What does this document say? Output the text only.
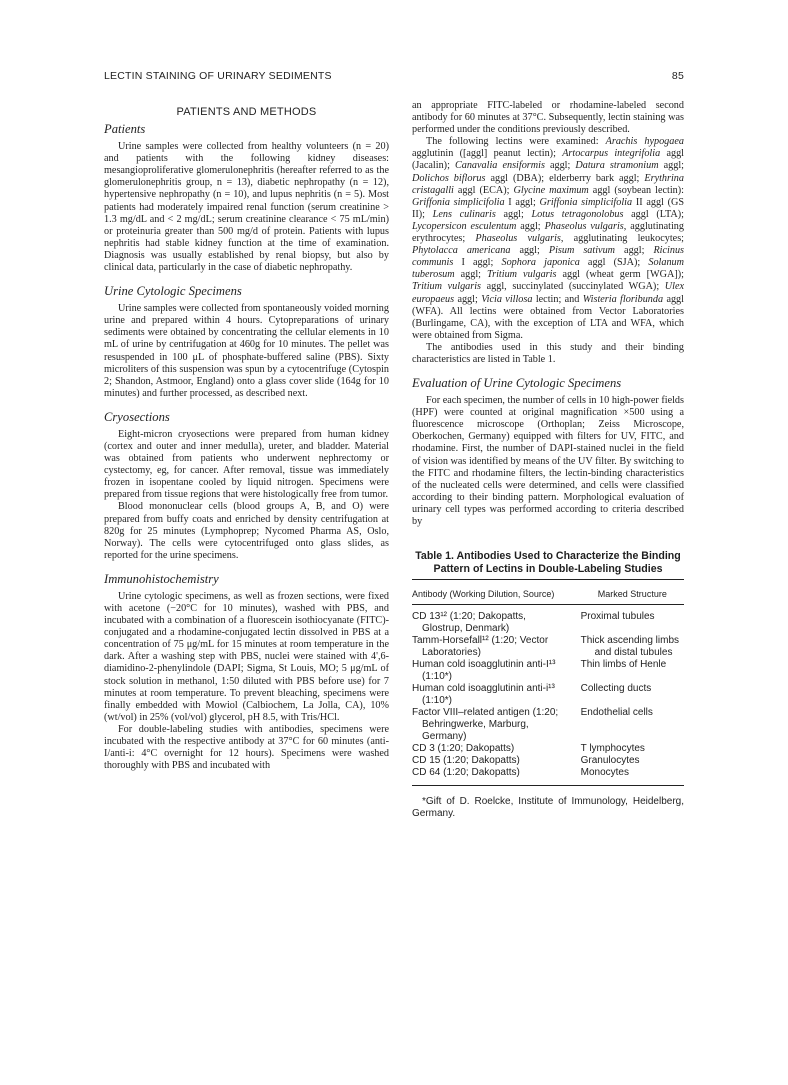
LECTIN STAINING OF URINARY SEDIMENTS	85
PATIENTS AND METHODS
Patients

Urine samples were collected from healthy volunteers (n = 20) and patients with the following kidney diseases: mesangioproliferative glomerulonephritis (hereafter referred to as the glomerulonephritis group, n = 13), diabetic nephropathy (n = 12), hypertensive nephropathy (n = 10), and lupus nephritis (n = 5). Most patients had moderately impaired renal function (serum creatinine > 1.3 mg/dL and < 2 mg/dL; serum creatinine clearance < 75 mL/min) or proteinuria greater than 500 mg/d of protein. Patients with lupus nephritis had stable kidney function at the time of examination. Diagnosis was usually established by renal biopsy, but also by clinical data, particularly in the case of diabetic nephropathy.

Urine Cytologic Specimens

Urine samples were collected from spontaneously voided morning urine and prepared within 4 hours. Cytopreparations of urinary sediments were obtained by concentrating the cellular elements in 10 mL of urine by centrifugation at 460g for 10 minutes. The pellet was resuspended in 100 μL of phosphate-buffered saline (PBS). Sixty microliters of this suspension was spun by a cytocentrifuge (Cytospin 2; Shandon, Astmoor, England) onto a glass cover slide (164g for 10 minutes) and further processed, as described next.

Cryosections

Eight-micron cryosections were prepared from human kidney (cortex and outer and inner medulla), ureter, and bladder. Material was obtained from patients who underwent nephrectomy or cystectomy, eg, for cancer. After removal, tissue was immediately frozen in isopentane cooled by liquid nitrogen. Specimens were prepared from tissue regions that were histologically free from tumor.

Blood mononuclear cells (blood groups A, B, and O) were prepared from buffy coats and enriched by density centrifugation at 820g for 25 minutes (Lymphoprep; Nycomed Pharma AS, Oslo, Norway). The cells were cytocentrifuged onto glass slides, as reported for the urine specimens.

Immunohistochemistry

Urine cytologic specimens, as well as frozen sections, were fixed with acetone (−20°C for 10 minutes), washed with PBS, and incubated with a combination of a fluorescein isothiocyanate (FITC)-conjugated and a rhodamine-conjugated lectin dissolved in PBS at a concentration of 75 μg/mL for 15 minutes at room temperature in the dark. After a washing step with PBS, nuclei were stained with 4',6-diamidino-2-phenylindole (DAPI; Sigma, St Louis, MO; 5 μg/mL of stock solution in methanol, 1:50 diluted with PBS before use) for 7 minutes at room temperature. To prevent bleaching, specimens were finally embedded with Mowiol (Calbiochem, La Jolla, CA), 10% (wt/vol) in 25% (vol/vol) glycerol, pH 8.5, with Tris/HCl.

For double-labeling studies with antibodies, specimens were incubated with the respective antibody at 37°C for 60 minutes (anti-I/anti-i: 4°C overnight for 12 hours). Specimens were washed thoroughly with PBS and incubated with

an appropriate FITC-labeled or rhodamine-labeled second antibody for 60 minutes at 37°C. Subsequently, lectin staining was performed under the conditions previously described.

The following lectins were examined: Arachis hypogaea agglutinin ([aggl] peanut lectin); Artocarpus integrifolia aggl (Jacalin); Canavalia ensiformis aggl; Datura stramonium aggl; Dolichos biflorus aggl (DBA); elderberry bark aggl; Erythrina cristagalli aggl (ECA); Glycine maximum aggl (soybean lectin): Griffonia simplicifolia I aggl; Griffonia simplicifolia II aggl (GS II); Lens culinaris aggl; Lotus tetragonolobus aggl (LTA); Lycopersicon esculentum aggl; Phaseolus vulgaris, agglutinating erythrocytes; Phaseolus vulgaris, agglutinating leukocytes; Phytolacca americana aggl; Pisum sativum aggl; Ricinus communis I aggl; Sophora japonica aggl (SJA); Solanum tuberosum aggl; Tritium vulgaris aggl (wheat germ [WGA]); Tritium vulgaris aggl, succinylated (succinylated WGA); Ulex europaeus aggl; Vicia villosa lectin; and Wisteria floribunda aggl (WFA). All lectins were obtained from Vector Laboratories (Burlingame, CA), with the exception of LTA and WFA, which were obtained from Sigma.

The antibodies used in this study and their binding characteristics are listed in Table 1.

Evaluation of Urine Cytologic Specimens

For each specimen, the number of cells in 10 high-power fields (HPF) were counted at original magnification ×500 using a fluorescence microscope (Orthoplan; Zeiss Microscope, Oberkochen, Germany) equipped with filters for UV, FITC, and rhodamine. First, the number of DAPI-stained nuclei in the field of vision was identified by means of the UV filter. By switching to the FITC and rhodamine filters, the lectin-binding characteristics of the nucleated cells were determined, and cells were classified according to their binding pattern. Morphological evaluation of urinary cell types was performed according to criteria described by

Table 1. Antibodies Used to Characterize the Binding Pattern of Lectins in Double-Labeling Studies
Antibody (Working Dilution, Source)	Marked Structure
CD 13¹² (1:20; Dakopatts,
Glostrup, Denmark)	Proximal tubules
Tamm-Horsefall¹² (1:20; Vector
Laboratories)	Thick ascending limbs
and distal tubules

Human cold isoagglutinin anti-I¹³
(1:10*)	Thin limbs of Henle
Human cold isoagglutinin anti-i¹³
(1:10*)	Collecting ducts
Factor VIII–related antigen (1:20;
Behringwerke, Marburg,
Germany)	Endothelial cells
CD 3 (1:20; Dakopatts)	T lymphocytes
CD 15 (1:20; Dakopatts)	Granulocytes
CD 64 (1:20; Dakopatts)	Monocytes

*Gift of D. Roelcke, Institute of Immunology, Heidelberg, Germany.
